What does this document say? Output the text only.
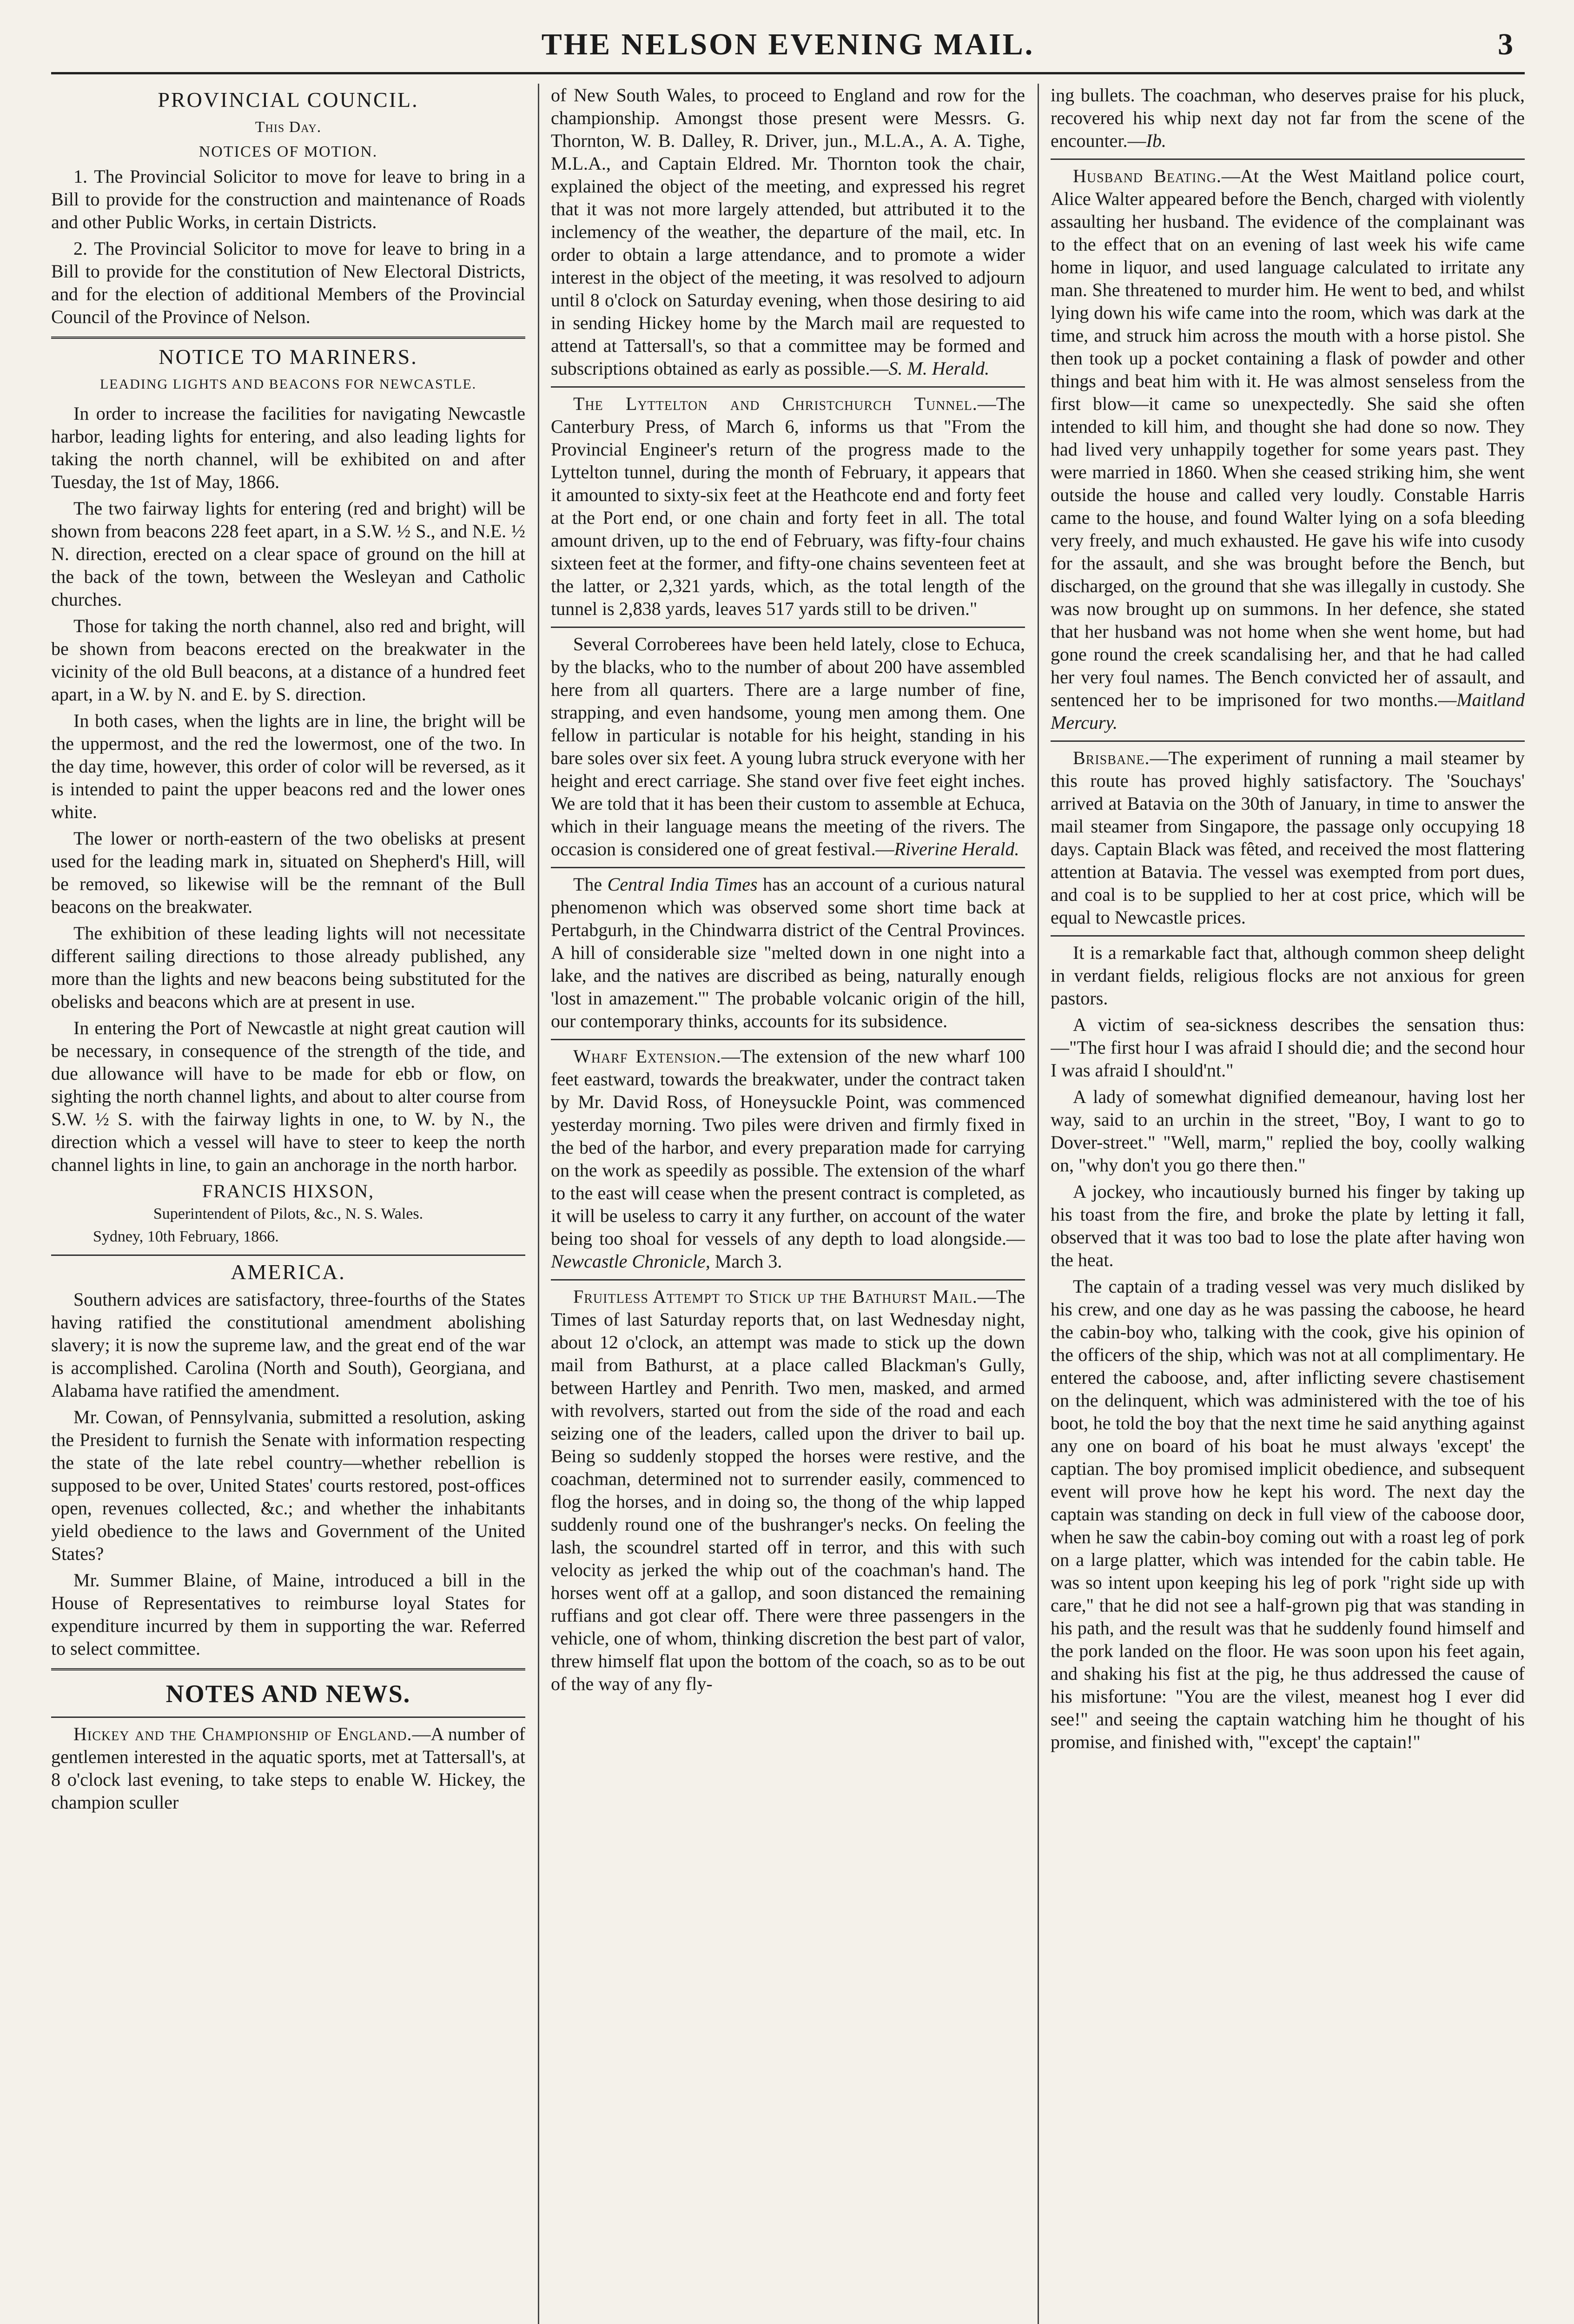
THE NELSON EVENING MAIL.	3
PROVINCIAL COUNCIL.
This Day.
NOTICES OF MOTION.

1. The Provincial Solicitor to move for leave to bring in a Bill to provide for the construction and maintenance of Roads and other Public Works, in certain Districts.

2. The Provincial Solicitor to move for leave to bring in a Bill to provide for the constitution of New Electoral Districts, and for the election of additional Members of the Provincial Council of the Province of Nelson.

NOTICE TO MARINERS.
LEADING LIGHTS AND BEACONS FOR NEWCASTLE.

In order to increase the facilities for navigating Newcastle harbor, leading lights for entering, and also leading lights for taking the north channel, will be exhibited on and after Tuesday, the 1st of May, 1866.

The two fairway lights for entering (red and bright) will be shown from beacons 228 feet apart, in a S.W. ½ S., and N.E. ½ N. direction, erected on a clear space of ground on the hill at the back of the town, between the Wesleyan and Catholic churches.

Those for taking the north channel, also red and bright, will be shown from beacons erected on the breakwater in the vicinity of the old Bull beacons, at a distance of a hundred feet apart, in a W. by N. and E. by S. direction.

In both cases, when the lights are in line, the bright will be the uppermost, and the red the lowermost, one of the two. In the day time, however, this order of color will be reversed, as it is intended to paint the upper beacons red and the lower ones white.

The lower or north-eastern of the two obelisks at present used for the leading mark in, situated on Shepherd's Hill, will be removed, so likewise will be the remnant of the Bull beacons on the breakwater.

The exhibition of these leading lights will not necessitate different sailing directions to those already published, any more than the lights and new beacons being substituted for the obelisks and beacons which are at present in use.

In entering the Port of Newcastle at night great caution will be necessary, in consequence of the strength of the tide, and due allowance will have to be made for ebb or flow, on sighting the north channel lights, and about to alter course from S.W. ½ S. with the fairway lights in one, to W. by N., the direction which a vessel will have to steer to keep the north channel lights in line, to gain an anchorage in the north harbor.

FRANCIS HIXSON,
Superintendent of Pilots, &c., N. S. Wales.
Sydney, 10th February, 1866.
AMERICA.

Southern advices are satisfactory, three-fourths of the States having ratified the constitutional amendment abolishing slavery; it is now the supreme law, and the great end of the war is accomplished. Carolina (North and South), Georgiana, and Alabama have ratified the amendment.

Mr. Cowan, of Pennsylvania, submitted a resolution, asking the President to furnish the Senate with information respecting the state of the late rebel country—whether rebellion is supposed to be over, United States' courts restored, post-offices open, revenues collected, &c.; and whether the inhabitants yield obedience to the laws and Government of the United States?

Mr. Summer Blaine, of Maine, introduced a bill in the House of Representatives to reimburse loyal States for expenditure incurred by them in supporting the war. Referred to select committee.

NOTES AND NEWS.

Hickey and the Championship of England.—A number of gentlemen interested in the aquatic sports, met at Tattersall's, at 8 o'clock last evening, to take steps to enable W. Hickey, the champion sculler

of New South Wales, to proceed to England and row for the championship. Amongst those present were Messrs. G. Thornton, W. B. Dalley, R. Driver, jun., M.L.A., A. A. Tighe, M.L.A., and Captain Eldred. Mr. Thornton took the chair, explained the object of the meeting, and expressed his regret that it was not more largely attended, but attributed it to the inclemency of the weather, the departure of the mail, etc. In order to obtain a large attendance, and to promote a wider interest in the object of the meeting, it was resolved to adjourn until 8 o'clock on Saturday evening, when those desiring to aid in sending Hickey home by the March mail are requested to attend at Tattersall's, so that a committee may be formed and subscriptions obtained as early as possible.—S. M. Herald.

The Lyttelton and Christchurch Tunnel.—The Canterbury Press, of March 6, informs us that "From the Provincial Engineer's return of the progress made to the Lyttelton tunnel, during the month of February, it appears that it amounted to sixty-six feet at the Heathcote end and forty feet at the Port end, or one chain and forty feet in all. The total amount driven, up to the end of February, was fifty-four chains sixteen feet at the former, and fifty-one chains seventeen feet at the latter, or 2,321 yards, which, as the total length of the tunnel is 2,838 yards, leaves 517 yards still to be driven."

Several Corroberees have been held lately, close to Echuca, by the blacks, who to the number of about 200 have assembled here from all quarters. There are a large number of fine, strapping, and even handsome, young men among them. One fellow in particular is notable for his height, standing in his bare soles over six feet. A young lubra struck everyone with her height and erect carriage. She stand over five feet eight inches. We are told that it has been their custom to assemble at Echuca, which in their language means the meeting of the rivers. The occasion is considered one of great festival.—Riverine Herald.

The Central India Times has an account of a curious natural phenomenon which was observed some short time back at Pertabgurh, in the Chindwarra district of the Central Provinces. A hill of considerable size "melted down in one night into a lake, and the natives are discribed as being, naturally enough 'lost in amazement.'" The probable volcanic origin of the hill, our contemporary thinks, accounts for its subsidence.

Wharf Extension.—The extension of the new wharf 100 feet eastward, towards the breakwater, under the contract taken by Mr. David Ross, of Honeysuckle Point, was commenced yesterday morning. Two piles were driven and firmly fixed in the bed of the harbor, and every preparation made for carrying on the work as speedily as possible. The extension of the wharf to the east will cease when the present contract is completed, as it will be useless to carry it any further, on account of the water being too shoal for vessels of any depth to load alongside.—Newcastle Chronicle, March 3.

Fruitless Attempt to Stick up the Bathurst Mail.—The Times of last Saturday reports that, on last Wednesday night, about 12 o'clock, an attempt was made to stick up the down mail from Bathurst, at a place called Blackman's Gully, between Hartley and Penrith. Two men, masked, and armed with revolvers, started out from the side of the road and each seizing one of the leaders, called upon the driver to bail up. Being so suddenly stopped the horses were restive, and the coachman, determined not to surrender easily, commenced to flog the horses, and in doing so, the thong of the whip lapped suddenly round one of the bushranger's necks. On feeling the lash, the scoundrel started off in terror, and this with such velocity as jerked the whip out of the coachman's hand. The horses went off at a gallop, and soon distanced the remaining ruffians and got clear off. There were three passengers in the vehicle, one of whom, thinking discretion the best part of valor, threw himself flat upon the bottom of the coach, so as to be out of the way of any fly-

ing bullets. The coachman, who deserves praise for his pluck, recovered his whip next day not far from the scene of the encounter.—Ib.

Husband Beating.—At the West Maitland police court, Alice Walter appeared before the Bench, charged with violently assaulting her husband. The evidence of the complainant was to the effect that on an evening of last week his wife came home in liquor, and used language calculated to irritate any man. She threatened to murder him. He went to bed, and whilst lying down his wife came into the room, which was dark at the time, and struck him across the mouth with a horse pistol. She then took up a pocket containing a flask of powder and other things and beat him with it. He was almost senseless from the first blow—it came so unexpectedly. She said she often intended to kill him, and thought she had done so now. They had lived very unhappily together for some years past. They were married in 1860. When she ceased striking him, she went outside the house and called very loudly. Constable Harris came to the house, and found Walter lying on a sofa bleeding very freely, and much exhausted. He gave his wife into cusody for the assault, and she was brought before the Bench, but discharged, on the ground that she was illegally in custody. She was now brought up on summons. In her defence, she stated that her husband was not home when she went home, but had gone round the creek scandalising her, and that he had called her very foul names. The Bench convicted her of assault, and sentenced her to be imprisoned for two months.—Maitland Mercury.

Brisbane.—The experiment of running a mail steamer by this route has proved highly satisfactory. The 'Souchays' arrived at Batavia on the 30th of January, in time to answer the mail steamer from Singapore, the passage only occupying 18 days. Captain Black was fêted, and received the most flattering attention at Batavia. The vessel was exempted from port dues, and coal is to be supplied to her at cost price, which will be equal to Newcastle prices.

It is a remarkable fact that, although common sheep delight in verdant fields, religious flocks are not anxious for green pastors.

A victim of sea-sickness describes the sensation thus:—"The first hour I was afraid I should die; and the second hour I was afraid I should'nt."

A lady of somewhat dignified demeanour, having lost her way, said to an urchin in the street, "Boy, I want to go to Dover-street." "Well, marm," replied the boy, coolly walking on, "why don't you go there then."

A jockey, who incautiously burned his finger by taking up his toast from the fire, and broke the plate by letting it fall, observed that it was too bad to lose the plate after having won the heat.

The captain of a trading vessel was very much disliked by his crew, and one day as he was passing the caboose, he heard the cabin-boy who, talking with the cook, give his opinion of the officers of the ship, which was not at all complimentary. He entered the caboose, and, after inflicting severe chastisement on the delinquent, which was administered with the toe of his boot, he told the boy that the next time he said anything against any one on board of his boat he must always 'except' the captian. The boy promised implicit obedience, and subsequent event will prove how he kept his word. The next day the captain was standing on deck in full view of the caboose door, when he saw the cabin-boy coming out with a roast leg of pork on a large platter, which was intended for the cabin table. He was so intent upon keeping his leg of pork "right side up with care," that he did not see a half-grown pig that was standing in his path, and the result was that he suddenly found himself and the pork landed on the floor. He was soon upon his feet again, and shaking his fist at the pig, he thus addressed the cause of his misfortune: "You are the vilest, meanest hog I ever did see!" and seeing the captain watching him he thought of his promise, and finished with, "'except' the captain!"
